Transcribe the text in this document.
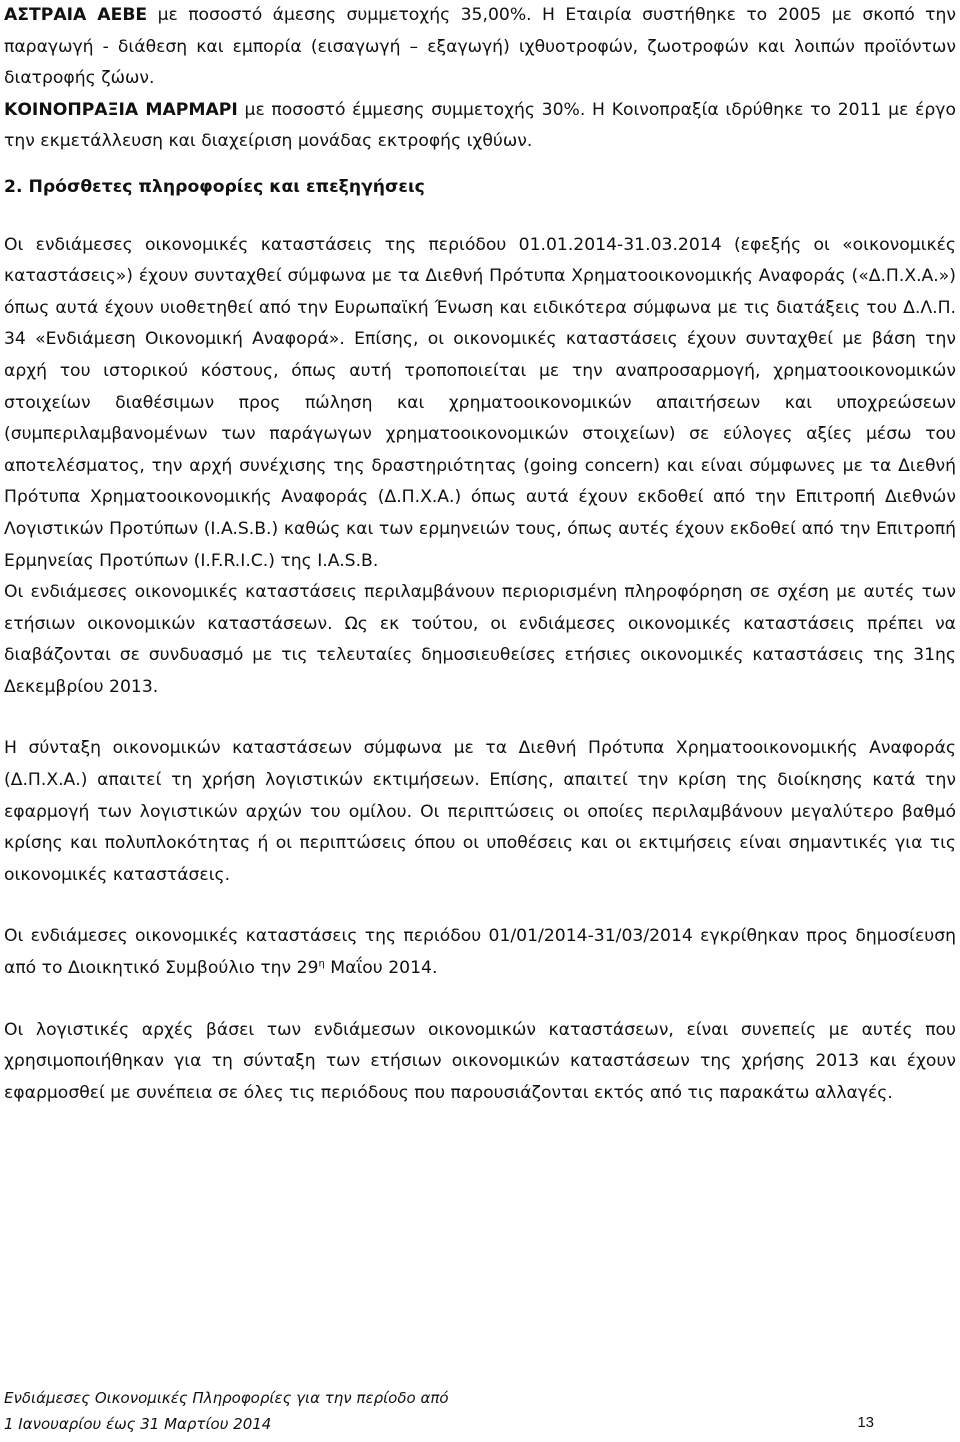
ΑΣΤΡΑΙΑ ΑΕΒΕ με ποσοστό άμεσης συμμετοχής 35,00%. Η Εταιρία συστήθηκε το 2005 με σκοπό την παραγωγή - διάθεση και εμπορία (εισαγωγή – εξαγωγή) ιχθυοτροφών, ζωοτροφών και λοιπών προϊόντων διατροφής ζώων.

ΚΟΙΝΟΠΡΑΞΙΑ ΜΑΡΜΑΡΙ με ποσοστό έμμεσης συμμετοχής 30%. Η Κοινοπραξία ιδρύθηκε το 2011 με έργο την εκμετάλλευση και διαχείριση μονάδας εκτροφής ιχθύων.

2. Πρόσθετες πληροφορίες και επεξηγήσεις

Οι ενδιάμεσες οικονομικές καταστάσεις της περιόδου 01.01.2014-31.03.2014 (εφεξής οι «οικονομικές καταστάσεις») έχουν συνταχθεί σύμφωνα με τα Διεθνή Πρότυπα Χρηματοοικονομικής Αναφοράς («Δ.Π.Χ.Α.») όπως αυτά έχουν υιοθετηθεί από την Ευρωπαϊκή Ένωση και ειδικότερα σύμφωνα με τις διατάξεις του Δ.Λ.Π. 34 «Ενδιάμεση Οικονομική Αναφορά». Επίσης, οι οικονομικές καταστάσεις έχουν συνταχθεί με βάση την αρχή του ιστορικού κόστους, όπως αυτή τροποποιείται με την αναπροσαρμογή, χρηματοοικονομικών στοιχείων διαθέσιμων προς πώληση και χρηματοοικονομικών απαιτήσεων και υποχρεώσεων (συμπεριλαμβανομένων των παράγωγων χρηματοοικονομικών στοιχείων) σε εύλογες αξίες μέσω του αποτελέσματος, την αρχή συνέχισης της δραστηριότητας (going concern) και είναι σύμφωνες με τα Διεθνή Πρότυπα Χρηματοοικονομικής Αναφοράς (Δ.Π.Χ.Α.) όπως αυτά έχουν εκδοθεί από την Επιτροπή Διεθνών Λογιστικών Προτύπων (I.A.S.B.) καθώς και των ερμηνειών τους, όπως αυτές έχουν εκδοθεί από την Επιτροπή Ερμηνείας Προτύπων (I.F.R.I.C.) της I.A.S.B.

Οι ενδιάμεσες οικονομικές καταστάσεις περιλαμβάνουν περιορισμένη πληροφόρηση σε σχέση με αυτές των ετήσιων οικονομικών καταστάσεων. Ως εκ τούτου, οι ενδιάμεσες οικονομικές καταστάσεις πρέπει να διαβάζονται σε συνδυασμό με τις τελευταίες δημοσιευθείσες ετήσιες οικονομικές καταστάσεις της 31ης Δεκεμβρίου 2013.

Η σύνταξη οικονομικών καταστάσεων σύμφωνα με τα Διεθνή Πρότυπα Χρηματοοικονομικής Αναφοράς (Δ.Π.Χ.Α.) απαιτεί τη χρήση λογιστικών εκτιμήσεων. Επίσης, απαιτεί την κρίση της διοίκησης κατά την εφαρμογή των λογιστικών αρχών του ομίλου. Οι περιπτώσεις οι οποίες περιλαμβάνουν μεγαλύτερο βαθμό κρίσης και πολυπλοκότητας ή οι περιπτώσεις όπου οι υποθέσεις και οι εκτιμήσεις είναι σημαντικές για τις οικονομικές καταστάσεις.

Οι ενδιάμεσες οικονομικές καταστάσεις της περιόδου 01/01/2014-31/03/2014 εγκρίθηκαν προς δημοσίευση από το Διοικητικό Συμβούλιο την $29^\eta$ Μαΐου 2014.

Οι λογιστικές αρχές βάσει των ενδιάμεσων οικονομικών καταστάσεων, είναι συνεπείς με αυτές που χρησιμοποιήθηκαν για τη σύνταξη των ετήσιων οικονομικών καταστάσεων της χρήσης 2013 και έχουν εφαρμοσθεί με συνέπεια σε όλες τις περιόδους που παρουσιάζονται εκτός από τις παρακάτω αλλαγές.

Ενδιάμεσες Οικονομικές Πληροφορίες για την περίοδο από
1 Ιανουαρίου έως 31 Μαρτίου 2014	13
